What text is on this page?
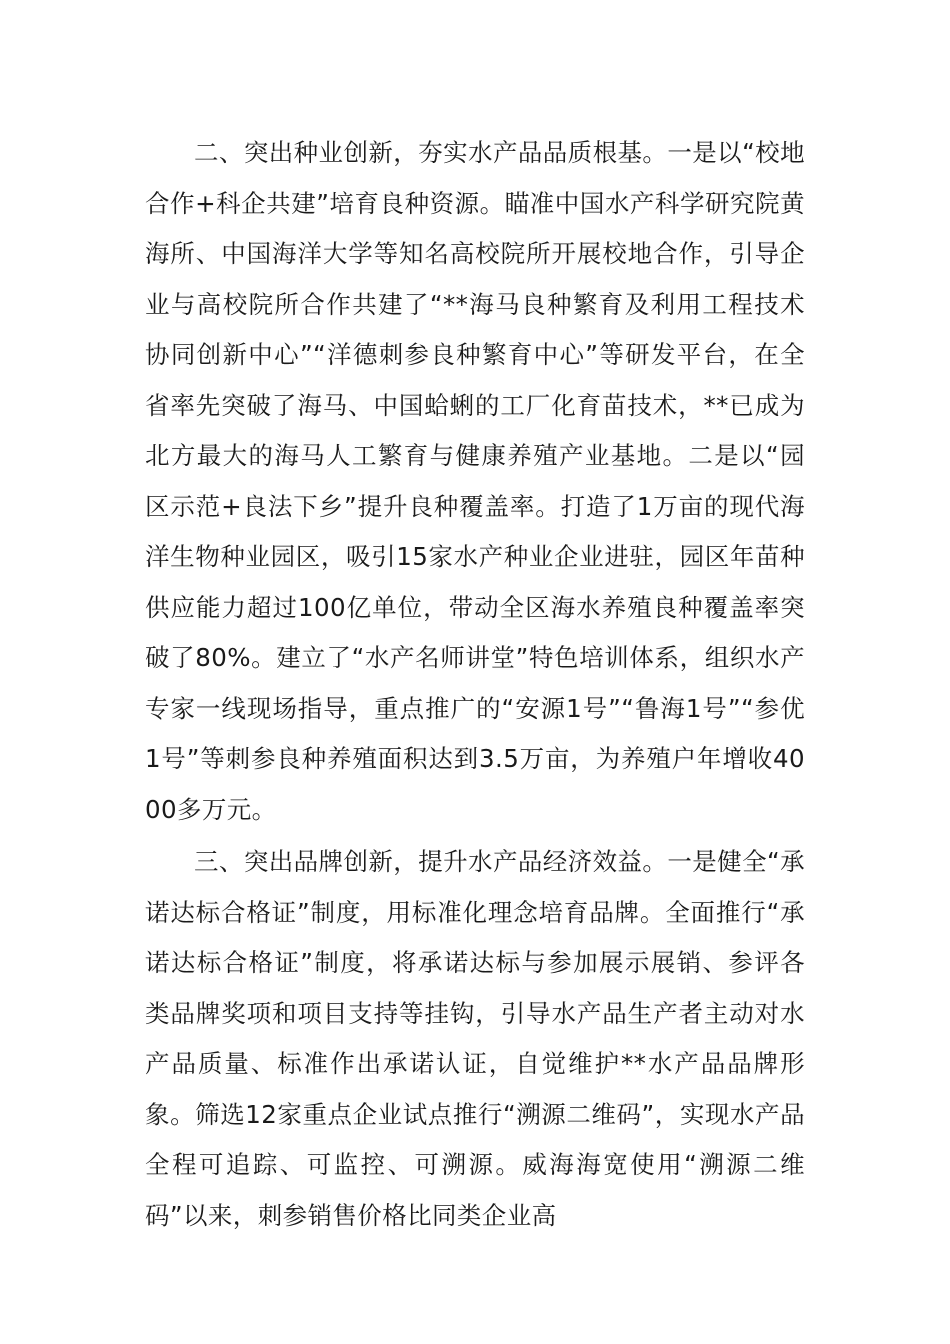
二、突出种业创新，夯实水产品品质根基。一是以“校地合作+科企共建”培育良种资源。瞄准中国水产科学研究院黄海所、中国海洋大学等知名高校院所开展校地合作，引导企业与高校院所合作共建了“**海马良种繁育及利用工程技术协同创新中心”“洋德刺参良种繁育中心”等研发平台，在全省率先突破了海马、中国蛤蜊的工厂化育苗技术，**已成为北方最大的海马人工繁育与健康养殖产业基地。二是以“园区示范+良法下乡”提升良种覆盖率。打造了1万亩的现代海洋生物种业园区，吸引15家水产种业企业进驻，园区年苗种供应能力超过100亿单位，带动全区海水养殖良种覆盖率突破了80%。建立了“水产名师讲堂”特色培训体系，组织水产专家一线现场指导，重点推广的“安源1号”“鲁海1号”“参优1号”等刺参良种养殖面积达到3.5万亩，为养殖户年增收4000多万元。

三、突出品牌创新，提升水产品经济效益。一是健全“承诺达标合格证”制度，用标准化理念培育品牌。全面推行“承诺达标合格证”制度，将承诺达标与参加展示展销、参评各类品牌奖项和项目支持等挂钩，引导水产品生产者主动对水产品质量、标准作出承诺认证，自觉维护**水产品品牌形象。筛选12家重点企业试点推行“溯源二维码”，实现水产品全程可追踪、可监控、可溯源。威海海宽使用“溯源二维码”以来，刺参销售价格比同类企业高
